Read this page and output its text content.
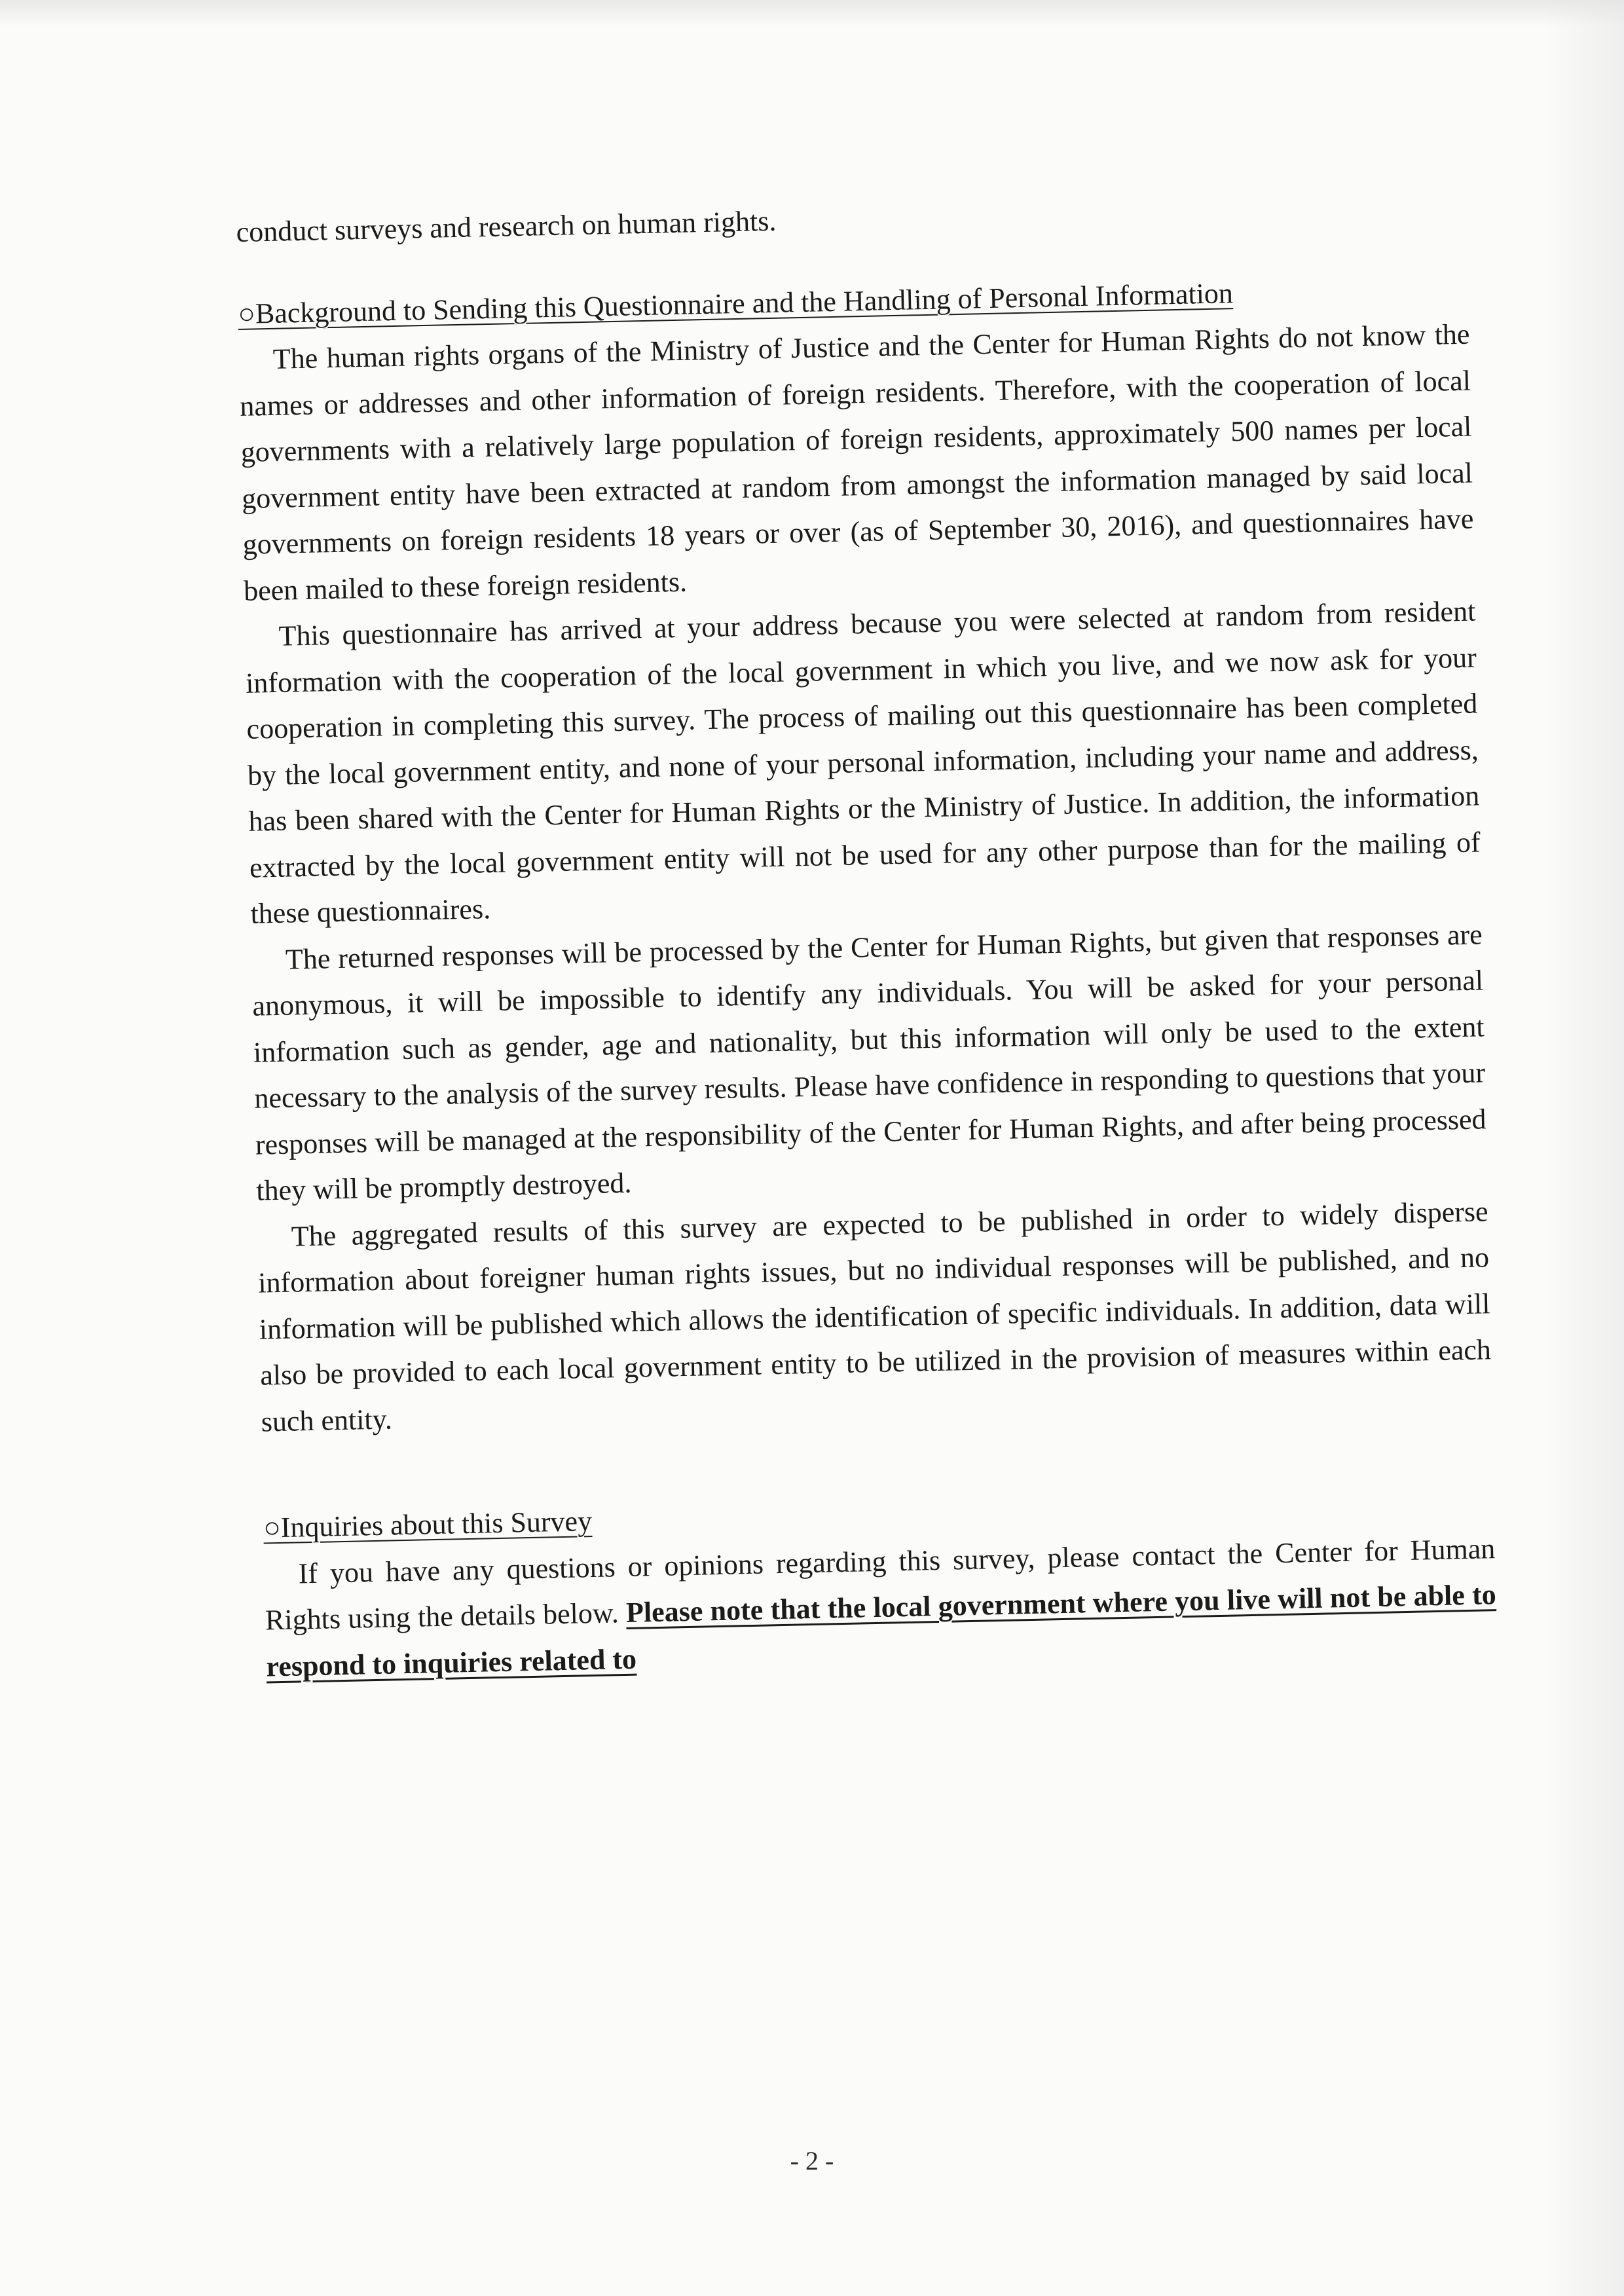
conduct surveys and research on human rights.

○Background to Sending this Questionnaire and the Handling of Personal Information

The human rights organs of the Ministry of Justice and the Center for Human Rights do not know the names or addresses and other information of foreign residents. Therefore, with the cooperation of local governments with a relatively large population of foreign residents, approximately 500 names per local government entity have been extracted at random from amongst the information managed by said local governments on foreign residents 18 years or over (as of September 30, 2016), and questionnaires have been mailed to these foreign residents.

This questionnaire has arrived at your address because you were selected at random from resident information with the cooperation of the local government in which you live, and we now ask for your cooperation in completing this survey. The process of mailing out this questionnaire has been completed by the local government entity, and none of your personal information, including your name and address, has been shared with the Center for Human Rights or the Ministry of Justice. In addition, the information extracted by the local government entity will not be used for any other purpose than for the mailing of these questionnaires.

The returned responses will be processed by the Center for Human Rights, but given that responses are anonymous, it will be impossible to identify any individuals. You will be asked for your personal information such as gender, age and nationality, but this information will only be used to the extent necessary to the analysis of the survey results. Please have confidence in responding to questions that your responses will be managed at the responsibility of the Center for Human Rights, and after being processed they will be promptly destroyed.

The aggregated results of this survey are expected to be published in order to widely disperse information about foreigner human rights issues, but no individual responses will be published, and no information will be published which allows the identification of specific individuals. In addition, data will also be provided to each local government entity to be utilized in the provision of measures within each such entity.

○Inquiries about this Survey

If you have any questions or opinions regarding this survey, please contact the Center for Human Rights using the details below. Please note that the local government where you live will not be able to respond to inquiries related to

- 2 -
